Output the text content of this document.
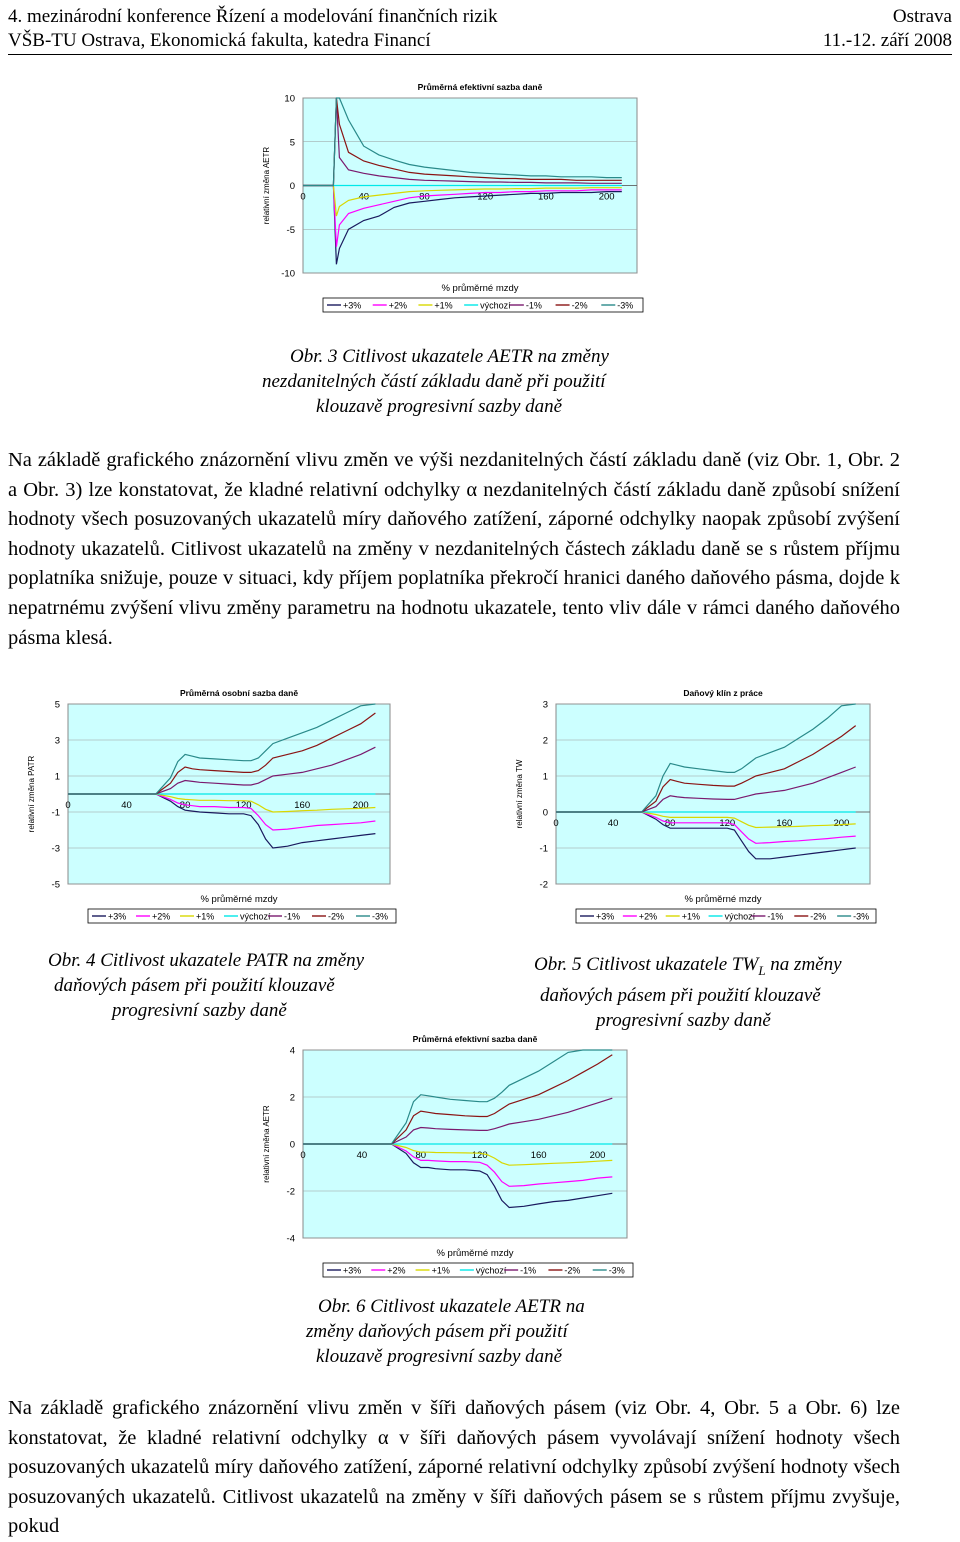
4. mezinárodní konference Řízení a modelování finančních rizik	Ostrava
VŠB-TU Ostrava, Ekonomická fakulta, katedra Financí	11.-12. září 2008
Průměrná efektivní sazba daně
10
5
0
-5
-10
0	40	80	120	160	200
relativní změna AETR
% průměrné mzdy
+3%	+2%	+1%	výchozí -1%	-2%	-3%
Obr. 3 Citlivost ukazatele AETR na změny
nezdanitelných částí základu daně při použití
klouzavě progresivní sazby daně

Na základě grafického znázornění vlivu změn ve výši nezdanitelných částí základu daně (viz Obr. 1, Obr. 2 a Obr. 3) lze konstatovat, že kladné relativní odchylky α nezdanitelných částí základu daně způsobí snížení hodnoty všech posuzovaných ukazatelů míry daňového zatížení, záporné odchylky naopak způsobí zvýšení hodnoty ukazatelů. Citlivost ukazatelů na změny v nezdanitelných částech základu daně se s růstem příjmu poplatníka snižuje, pouze v situaci, kdy příjem poplatníka překročí hranici daného daňového pásma, dojde k nepatrnému zvýšení vlivu změny parametru na hodnotu ukazatele, tento vliv dále v rámci daného daňového pásma klesá.

Průměrná osobní sazba daně
5
3
1
-1
-3
-5
0	40	80	120	160	200
relativní změna PATR
% průměrné mzdy
+3%	+2%	+1%	výchozí -1%	-2%	-3%
Daňový klín z práce
3
2
1
0
-1
-2
0	40	80	120	160	200
relativní změna TW
% průměrné mzdy
+3%	+2%	+1%	výchozí -1%	-2%	-3%
Obr. 4 Citlivost ukazatele PATR na změny
daňových pásem při použití klouzavě
progresivní sazby daně
Obr. 5 Citlivost ukazatele $TW_L$ na změny
daňových pásem při použití klouzavě
progresivní sazby daně
Průměrná efektivní sazba daně
4
2
0
-2
-4
0	40	80	120	160	200
relativní změna AETR
% průměrné mzdy
+3%	+2%	+1%	výchozí -1%	-2%	-3%
Obr. 6 Citlivost ukazatele AETR na
změny daňových pásem při použití
klouzavě progresivní sazby daně

Na základě grafického znázornění vlivu změn v šíři daňových pásem (viz Obr. 4, Obr. 5 a Obr. 6) lze konstatovat, že kladné relativní odchylky α v šíři daňových pásem vyvolávají snížení hodnoty všech posuzovaných ukazatelů míry daňového zatížení, záporné relativní odchylky způsobí zvýšení hodnoty všech posuzovaných ukazatelů. Citlivost ukazatelů na změny v šíři daňových pásem se s růstem příjmu zvyšuje, pokud
